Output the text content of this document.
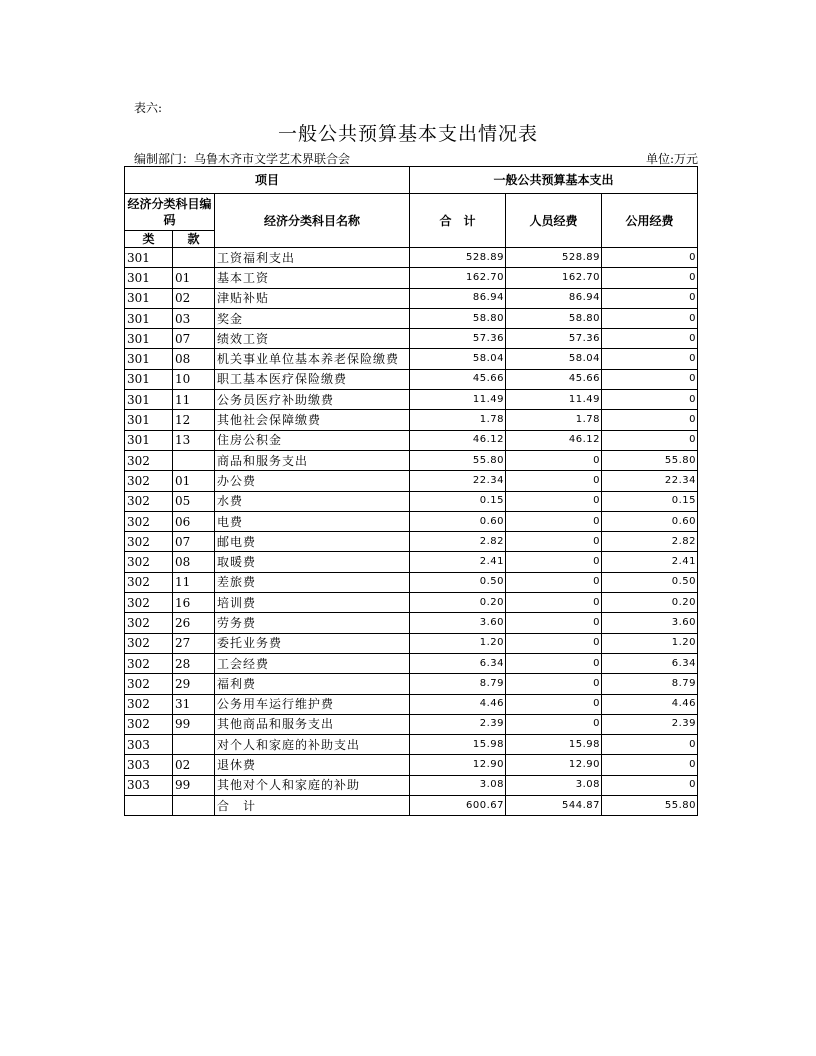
表六:
一般公共预算基本支出情况表
编制部门：乌鲁木齐市文学艺术界联合会	单位:万元
项目			一般公共预算基本支出		
经济分类科目编码		经济分类科目名称	合　计	人员经费	公用经费
类	款				
301		工资福利支出	528.89	528.89	0
301	01	基本工资	162.70	162.70	0
301	02	津贴补贴	86.94	86.94	0
301	03	奖金	58.80	58.80	0
301	07	绩效工资	57.36	57.36	0
301	08	机关事业单位基本养老保险缴费	58.04	58.04	0
301	10	职工基本医疗保险缴费	45.66	45.66	0
301	11	公务员医疗补助缴费	11.49	11.49	0
301	12	其他社会保障缴费	1.78	1.78	0
301	13	住房公积金	46.12	46.12	0
302		商品和服务支出	55.80	0	55.80
302	01	办公费	22.34	0	22.34
302	05	水费	0.15	0	0.15
302	06	电费	0.60	0	0.60
302	07	邮电费	2.82	0	2.82
302	08	取暖费	2.41	0	2.41
302	11	差旅费	0.50	0	0.50
302	16	培训费	0.20	0	0.20
302	26	劳务费	3.60	0	3.60
302	27	委托业务费	1.20	0	1.20
302	28	工会经费	6.34	0	6.34
302	29	福利费	8.79	0	8.79
302	31	公务用车运行维护费	4.46	0	4.46
302	99	其他商品和服务支出	2.39	0	2.39
303		对个人和家庭的补助支出	15.98	15.98	0
303	02	退休费	12.90	12.90	0
303	99	其他对个人和家庭的补助	3.08	3.08	0
		合　计	600.67	544.87	55.80
